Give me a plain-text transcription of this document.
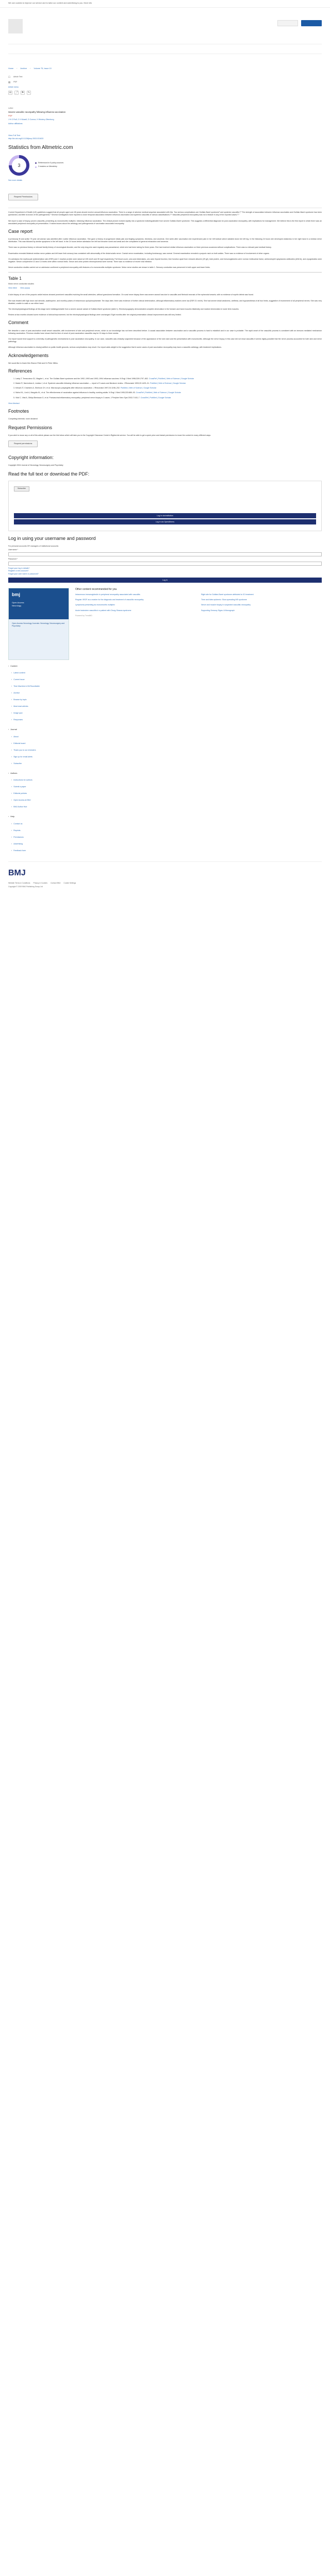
We use cookies to improve our service and to tailor our content and advertising to you. More info
Home › Archive › Volume 75, Issue 10
☐ Article Text
▤ PDF
Article menu
✉	⤴	⚑	✎
Letter
Severe vasculitic neuropathy following influenza vaccination
PDF
J H G Rolf, C H Mosell, D Connor, H Wrotery-Ottenburg
Author affiliations
View Full Text
http://dx.doi.org/10.1136/jnnp.2003.031633
Statistics from Altmetric.com
3
Referenced in 5 policy sources
3 readers on Mendeley
See more details
Request Permissions

Current Department of Health (UK) guidelines suggest that all people aged over 65 years should receive annual influenza vaccination. There is a range of adverse medical sequelae associated with this. Two serious complications are Guillain-Barré syndrome¹ and systemic vasculitis.²,³ The strength of association between influenza vaccination and Guillain-Barré syndrome has been questioned, and little is known of the pathogenesis.⁴ Several investigators have reported a close temporal association between influenza vaccination and systemic vasculitis of various classifications.²,³ Vasculitic peripheral neuropathy was not a feature in any of the reported cases.²,³

We report a case of biopsy proven vasculitis, presenting as mononeuritis multiplex, following influenza vaccination. The clinical picture evolved rapidly into a syndrome indistinguishable from severe Guillain-Barré syndrome. This suggests a differential diagnosis for post-vaccination neuropathy, with implications for management. We believe this is the first report in which there was an associated peripheral neuropathy at presentation. It raises issues about the aetiology and pathogenesis of vaccination associated neuropathy.

Case report

A previously fit and active 75 year old woman was admitted after routine influenza vaccination. She gave a history of progressive distal pain and tingling symptoms, tiredness, and anorexia. One week after vaccination she experienced pain in her left buttock which radiated down her left leg. In the following 24 hours she developed weakness in her right hand in a median nerve distribution. This was followed by similar symptoms in the left hand. In the 24 hours before admission her left foot became numb and weak and she complained of general exhaustion and anorexia.

There was no previous history or relevant family history of neurological disorder, and the only drug she used regularly was paracetamol, which she had been taking for three years. She had received similar influenza vaccination on three previous occasions without complications. There was no relevant past medical history.

Examination revealed bilateral median nerve palsies and left lower limb sensory loss consistent with abnormality of the distal sciatic nerve. Cranial nerve examination, including fundoscopy, was normal. General examination revealed a purpuric rash on both ankles. There was no evidence of involvement of other organs.

On admission the erythrocyte sedimentation rate (ESR) and C reactive protein were raised at 105 mm/h and 35 mg/l respectively. Full blood count, urea and electrolytes, uric acid, thyroid function, liver function apart from reduced albumin (29 g/l), total protein, and immunoglobulins were normal. Antinuclear factor, antineutrophil cytoplasmic antibodies (ANCA), and cryoglobulins were negative. Serum complement C3 and C4 levels were within normal limbs. Serum and urine protein electrophoresis were normal. There was no evidence of recent viral infection.

Nerve conduction studies carried out on admission confirmed a peripheral neuropathy with features of a mononeuritis multiplex syndrome. Motor nerve studies are shown in table 1. Sensory conduction was preserved in both upper and lower limbs.

Table 1
Motor nerve conduction studies
View inline View popup

A skin biopsy of one of the purpuric ankle lesions showed prominent vasculitis involving the small arterioles, without granuloma formation. On sural nerve biopsy there was severe axonal loss due to vasculitis and fibrinoid necrosis of the epineurial vessels, with no evidence of myelin debris was found.

She was treated with high dose oral steroids, azathioprine, and monthly pulses of intravenous cyclophosphamide. Ten days later, there was evidence of further clinical deterioration, although inflammatory markers were low (ESR 21 mm/h). She had severe distal weakness, areflexia, and hypoaesthesia of all four limbs, suggestive of involvement of all peripheral nerves. She was very disabled, unable to walk or use either hand.

The electrophysiological findings at this stage were indistinguishable from a severe axonal variant of Guillain-Barré syndrome (table 1). Electromyography demonstrated complete denervation in the forearm and hand muscles bilaterally and marked denervation in lower limb muscles.

Review at two months showed some evidence of clinical improvement, but the electrophysiological findings were unchanged. Eight months after her original presentation clinical improvement was still very limited.

Comment

We describe a case of post-vaccination small vessel vasculitis, with involvement of skin and peripheral nerves, which to our knowledge has not been described before. A causal association between vaccination and a vasculitic process is hard to establish and in our case is probable. The rapid onset of the vasculitic process is consistent with an immune-mediated mechanism following vaccination. Previous studies have shown that the time of onset of post-vaccination vasculitis may be 10 days to three weeks.

Our report would lend support to a diversity of pathogenetic mechanisms in post vaccination neuropathy. In our case, vasculitis was clinically suspected because of the appearance of the skin rash and the presentation with mononeuritis. Although the nerve biopsy in this case did not show vasculitis it seems highly possible that the nerve process accounted for both skin and nerve pathology.

Although influenza vaccination is clearly justified on public health grounds, serious complications may result. Our report adds weight to the suggestion that in some cases of post vaccination neuropathy may have a vasculitic aetiology, with treatment implications.

Acknowledgements

We would like to thank Mrs Sharon Field and Dr Peter Millns.

References
1. Lasky T, Terracciano GJ, Magder L, et al. The Guillain-Barré syndrome and the 1992–1993 and 1993–1994 influenza vaccines. N Engl J Med 1998;339:1797–802. CrossRef | PubMed | Web of Science | Google Scholar
2. Mader R, Narendran A, Lewtas J, et al. Systemic vasculitis following influenza vaccination — report of 3 cases and literature review. J Rheumatol 1993;20:1429–31. PubMed | Web of Science | Google Scholar
3. Kelsall JT, Chalmers A, Sherlock CH, et al. Microscopic polyangiitis after influenza vaccination. J Rheumatol 1997;24:1198–202. PubMed | Web of Science | Google Scholar
4. Nichol KL, Lind A, Margolis KL, et al. The effectiveness of vaccination against influenza in healthy, working adults. N Engl J Med 1995;333:889–93. CrossRef | PubMed | Web of Science | Google Scholar
5. Vital C, Vital A, Gbikpi-Benissan G, et al. Postvaccinal inflammatory neuropathy: peripheral nerve biopsy in 3 cases. J Peripher Nerv Syst 2002;7:163–7. CrossRef | PubMed | Google Scholar
View Abstract
Footnotes
Competing interests: none declared
Request Permissions

If you wish to reuse any or all of this article please use the link below which will take you to the Copyright Clearance Center's RightsLink service. You will be able to get a quick price and instant permission to reuse the content in many different ways.

Request permissions
Copyright information:
Copyright 2004 Journal of Neurology, Neurosurgery and Psychiatry
Read the full text or download the PDF:
Subscribe
Log in via institution
Log in via OpenAthens
Log in using your username and password
For personal accounts OR managers of institutional accounts
Username *
Password *
Forgot your log in details?
Register a new account?
Forgot your user name or password?
Log in
bmj
Open Access
Neurology
Open Access Neurology Journals: Neurology, Neurosurgery and Psychiatry
Other content recommended for you
Intravenous immunoglobulin in peripheral neuropathy associated with vasculitis
Regular VEGF as a marker for the diagnosis and treatment of vasculitic neuropathy
Lymphoma presenting as mononeuritis multiplex
Acute brainstem vasculitis in a patient with Churg-Strauss syndrome
Right site for Guillain-Barré syndrome attributed to ICI treatment
Time and tides epidemic: Slow-spreading MS syndrome
Nerve and muscle biopsy in suspected vasculitic neuropathy
Supporting Sensory Signs: A Monograph
Powered by TrendMD
› Content
› Latest content
› Current issue
› Time Machine in Bit Roundtable
› Archive
› Browse by topic
› Most read articles
› Image quiz
› Responses
› Journal
› About
› Editorial board
› Thank you to our reviewers
› Sign up for email alerts
› Subscribe
› Authors
› Instructions for authors
› Submit a paper
› Editorial policies
› Open Access at BMJ
› BMJ Author Hub
› Help
› Contact us
› Reprints
› Permissions
› Advertising
› Feedback form
BMJ
Website Terms & Conditions Privacy & Cookies Contact BMJ Cookie Settings
Copyright © 2019 BMJ Publishing Group Ltd
